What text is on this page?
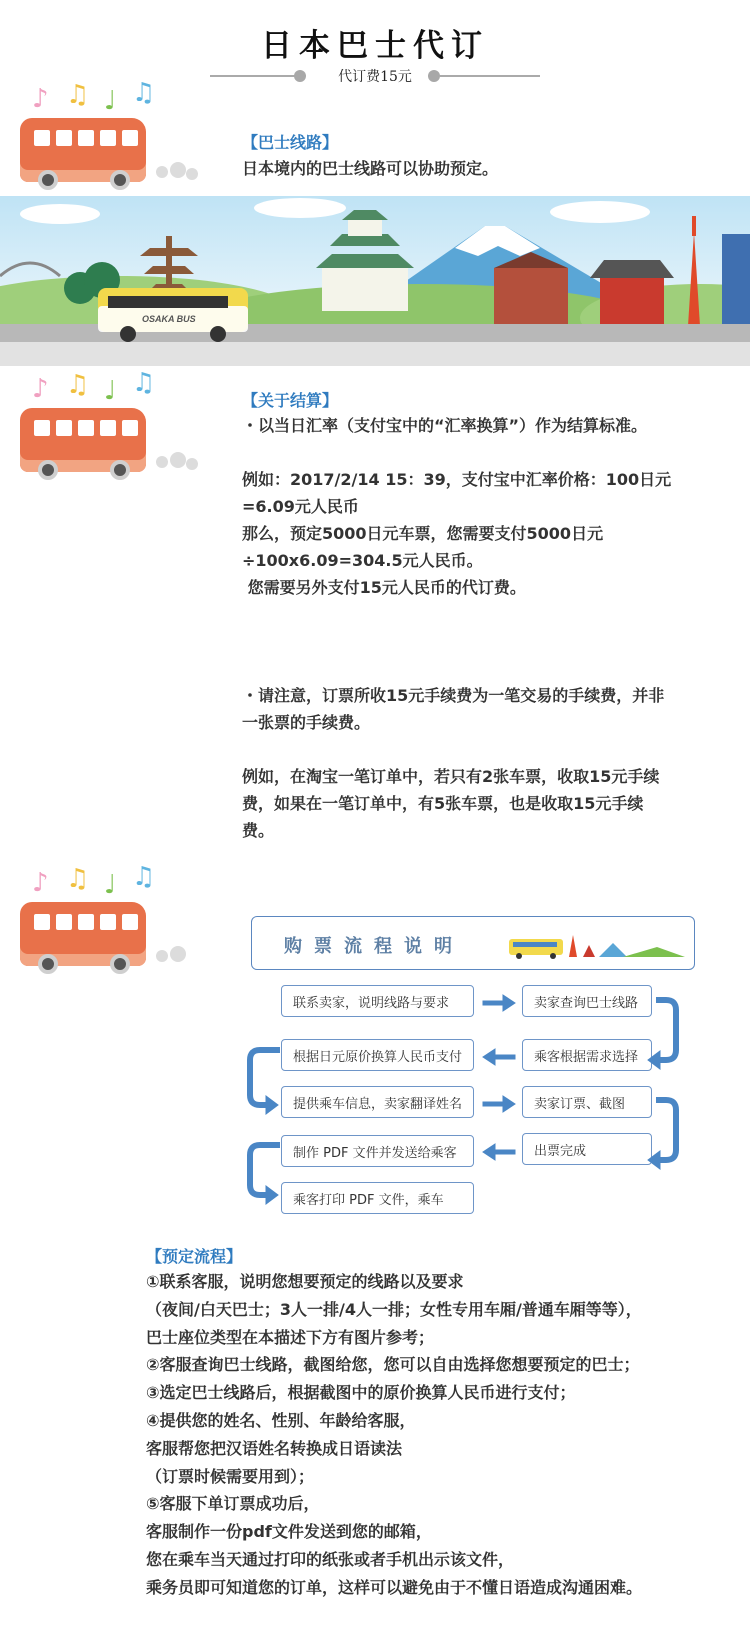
日本巴士代订
代订费15元
♪ ♫ ♩ ♫
【巴士线路】
日本境内的巴士线路可以协助预定。
OSAKA BUS
♪ ♫ ♩ ♫
【关于结算】
・以当日汇率（支付宝中的“汇率换算”）作为结算标准。
例如：2017/2/14 15：39，支付宝中汇率价格：100日元
=6.09元人民币
那么，预定5000日元车票，您需要支付5000日元
÷100x6.09=304.5元人民币。
您需要另外支付15元人民币的代订费。
・请注意，订票所收15元手续费为一笔交易的手续费，并非
一张票的手续费。
例如，在淘宝一笔订单中，若只有2张车票，收取15元手续
费，如果在一笔订单中，有5张车票，也是收取15元手续
费。
♪ ♫ ♩ ♫
购票流程说明
联系卖家，说明线路与要求	卖家查询巴士线路
乘客根据需求选择
根据日元原价换算人民币支付
提供乘车信息，卖家翻译姓名	卖家订票、截图
出票完成
制作 PDF 文件并发送给乘客
乘客打印 PDF 文件，乘车
【预定流程】
①联系客服，说明您想要预定的线路以及要求
（夜间/白天巴士；3人一排/4人一排；女性专用车厢/普通车厢等等），
巴士座位类型在本描述下方有图片参考；
②客服查询巴士线路，截图给您，您可以自由选择您想要预定的巴士；
③选定巴士线路后，根据截图中的原价换算人民币进行支付；
④提供您的姓名、性别、年龄给客服，
客服帮您把汉语姓名转换成日语读法
（订票时候需要用到）；
⑤客服下单订票成功后，
客服制作一份pdf文件发送到您的邮箱，
您在乘车当天通过打印的纸张或者手机出示该文件，
乘务员即可知道您的订单，这样可以避免由于不懂日语造成沟通困难。
